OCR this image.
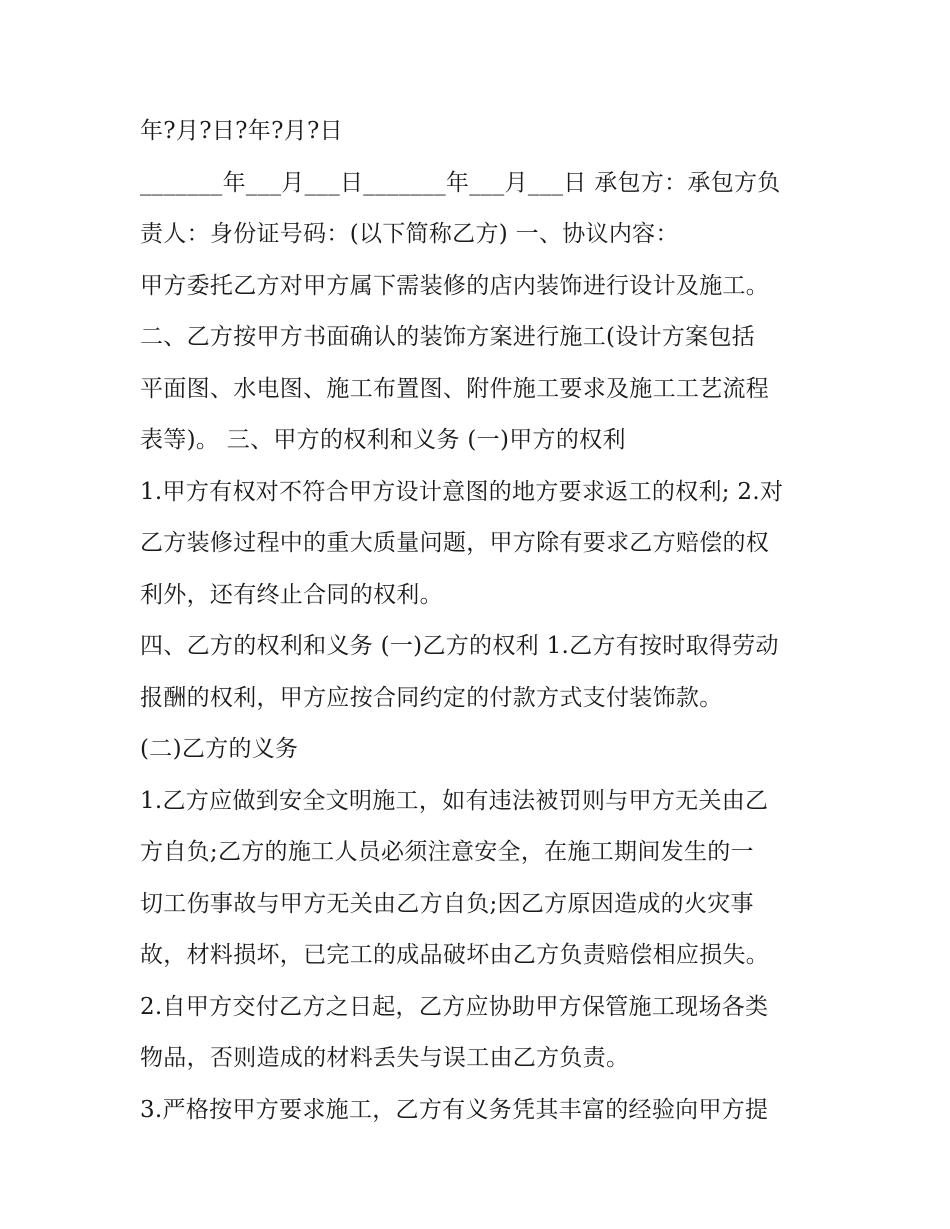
年?月?日?年?月?日
_______年___月___日_______年___月___日 承包方：承包方负
责人：身份证号码：(以下简称乙方) 一、协议内容：
甲方委托乙方对甲方属下需装修的店内装饰进行设计及施工。
二、乙方按甲方书面确认的装饰方案进行施工(设计方案包括
平面图、水电图、施工布置图、附件施工要求及施工工艺流程
表等)。 三、甲方的权利和义务 (一)甲方的权利
1.甲方有权对不符合甲方设计意图的地方要求返工的权利; 2.对
乙方装修过程中的重大质量问题，甲方除有要求乙方赔偿的权
利外，还有终止合同的权利。
四、乙方的权利和义务 (一)乙方的权利 1.乙方有按时取得劳动
报酬的权利，甲方应按合同约定的付款方式支付装饰款。
(二)乙方的义务
1.乙方应做到安全文明施工，如有违法被罚则与甲方无关由乙
方自负;乙方的施工人员必须注意安全，在施工期间发生的一
切工伤事故与甲方无关由乙方自负;因乙方原因造成的火灾事
故，材料损坏，已完工的成品破坏由乙方负责赔偿相应损失。
2.自甲方交付乙方之日起，乙方应协助甲方保管施工现场各类
物品，否则造成的材料丢失与误工由乙方负责。
3.严格按甲方要求施工，乙方有义务凭其丰富的经验向甲方提
